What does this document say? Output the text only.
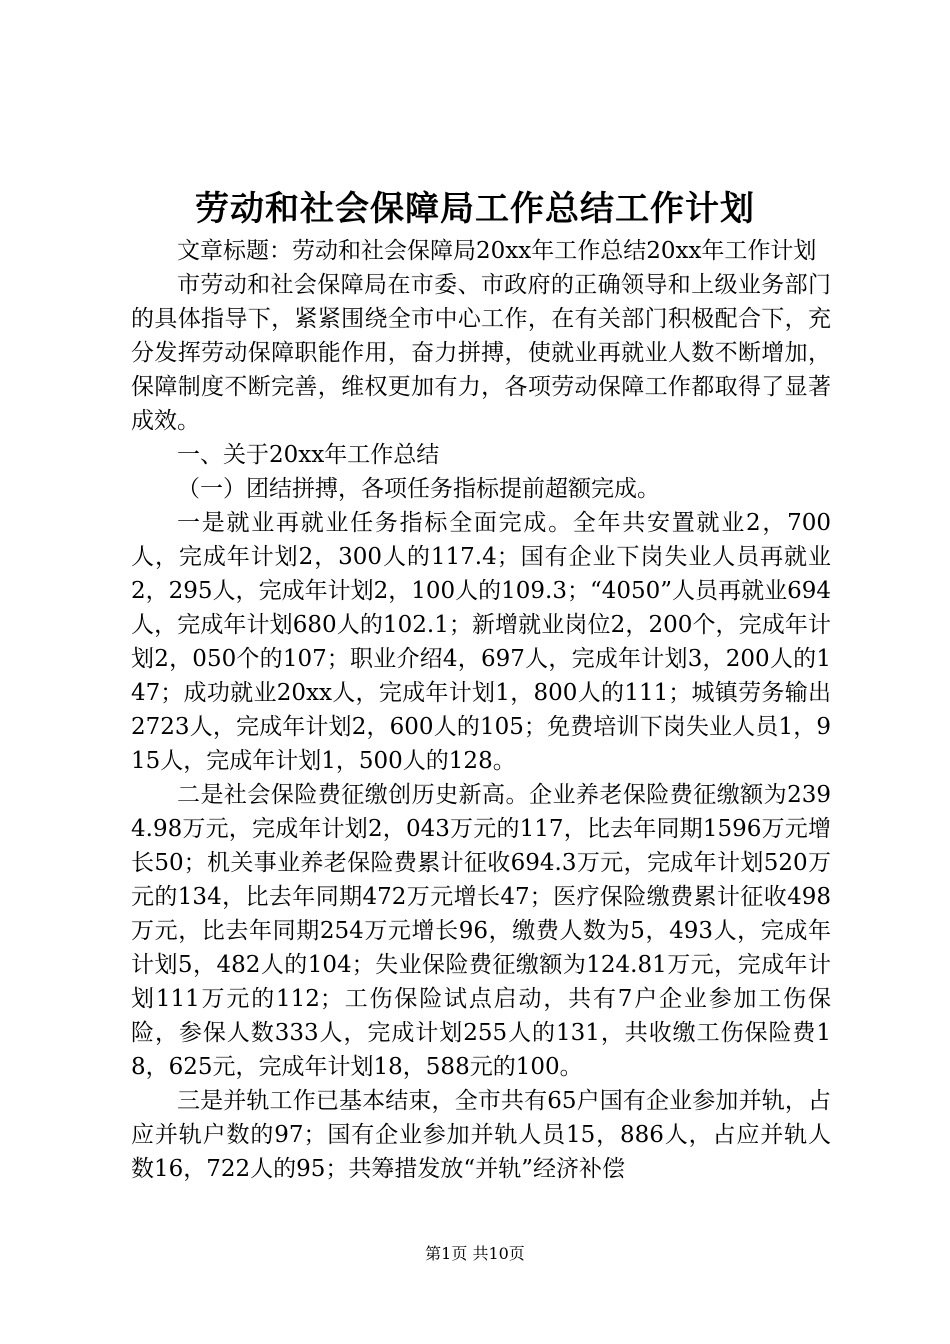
劳动和社会保障局工作总结工作计划

文章标题：劳动和社会保障局20xx年工作总结20xx年工作计划

市劳动和社会保障局在市委、市政府的正确领导和上级业务部门的具体指导下，紧紧围绕全市中心工作，在有关部门积极配合下，充分发挥劳动保障职能作用，奋力拼搏，使就业再就业人数不断增加，保障制度不断完善，维权更加有力，各项劳动保障工作都取得了显著成效。

一、关于20xx年工作总结

（一）团结拼搏，各项任务指标提前超额完成。

一是就业再就业任务指标全面完成。全年共安置就业2，700人，完成年计划2，300人的117.4；国有企业下岗失业人员再就业2，295人，完成年计划2，100人的109.3；“4050”人员再就业694人，完成年计划680人的102.1；新增就业岗位2，200个，完成年计划2，050个的107；职业介绍4，697人，完成年计划3，200人的147；成功就业20xx人，完成年计划1，800人的111；城镇劳务输出2723人，完成年计划2，600人的105；免费培训下岗失业人员1，915人，完成年计划1，500人的128。

二是社会保险费征缴创历史新高。企业养老保险费征缴额为2394.98万元，完成年计划2，043万元的117，比去年同期1596万元增长50；机关事业养老保险费累计征收694.3万元，完成年计划520万元的134，比去年同期472万元增长47；医疗保险缴费累计征收498万元，比去年同期254万元增长96，缴费人数为5，493人，完成年计划5，482人的104；失业保险费征缴额为124.81万元，完成年计划111万元的112；工伤保险试点启动，共有7户企业参加工伤保险，参保人数333人，完成计划255人的131，共收缴工伤保险费18，625元，完成年计划18，588元的100。

三是并轨工作已基本结束，全市共有65户国有企业参加并轨，占应并轨户数的97；国有企业参加并轨人员15，886人，占应并轨人数16，722人的95；共筹措发放“并轨”经济补偿

第1页 共10页
